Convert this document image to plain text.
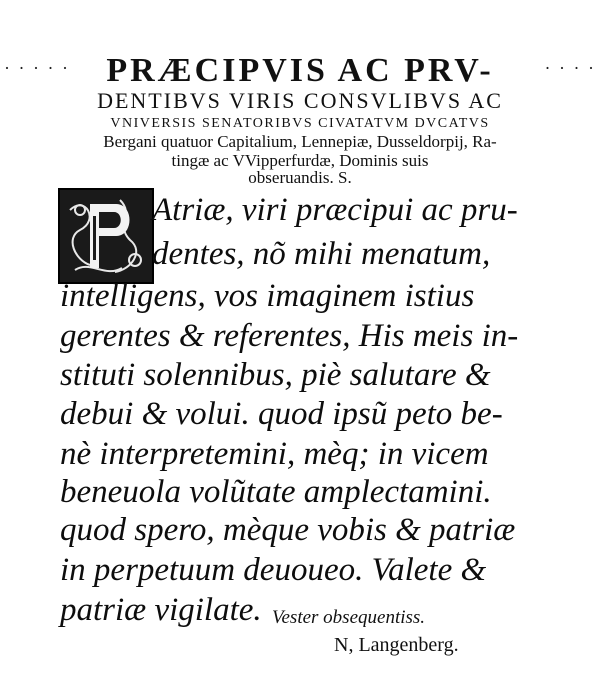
· · · · ·	· · · ·
PRÆCIPVIS AC PRV-
DENTIBVS VIRIS CONSVLIBVS AC
VNIVERSIS SENATORIBVS CIVATATVM DVCATVS
Bergani quatuor Capitalium, Lennepiæ, Dusseldorpij, Ra-
tingæ ac VVipperfurdæ, Dominis suis
obseruandis. S.
Atriæ, viri præcipui ac pru-
dentes, nõ mihi menatum,
intelligens, vos imaginem istius
gerentes & referentes, His meis in-
stituti solennibus, piè salutare &
debui & volui. quod ipsũ peto be-
nè interpretemini, mèq; in vicem
beneuola volũtate amplectamini.
quod spero, mèque vobis & patriæ
in perpetuum deuoueo. Valete &
patriæ vigilate. Vester obsequentiss.
N, Langenberg.
